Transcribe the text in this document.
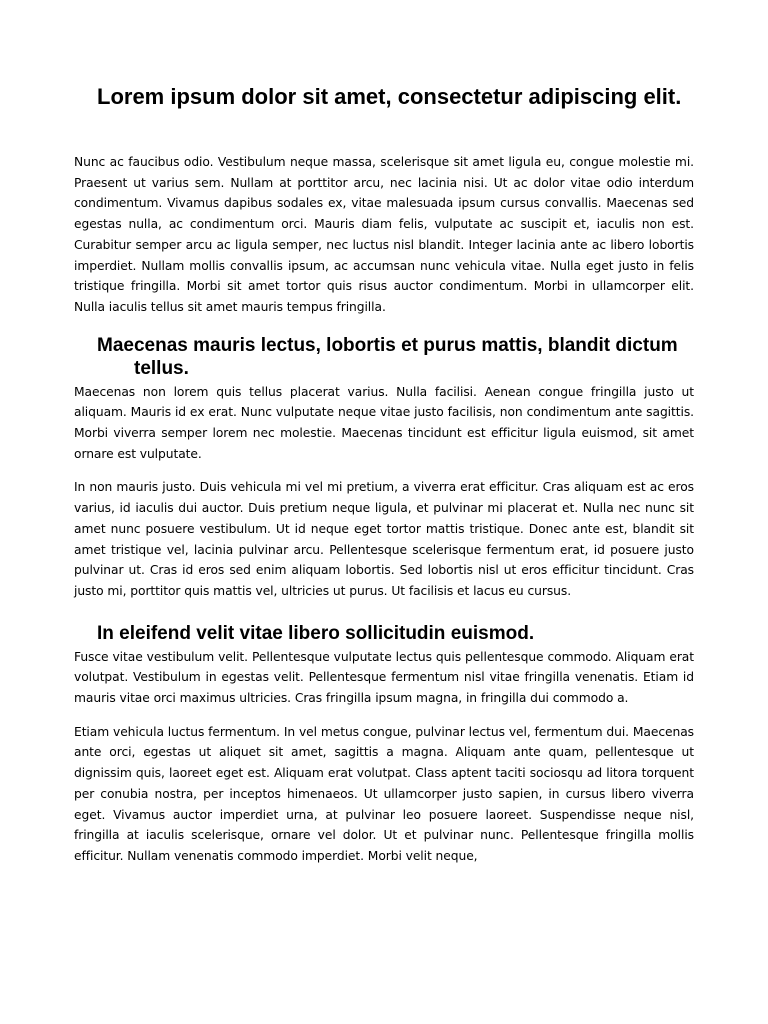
Lorem ipsum dolor sit amet, consectetur adipiscing elit.

Nunc ac faucibus odio. Vestibulum neque massa, scelerisque sit amet ligula eu, congue molestie mi. Praesent ut varius sem. Nullam at porttitor arcu, nec lacinia nisi. Ut ac dolor vitae odio interdum condimentum. Vivamus dapibus sodales ex, vitae malesuada ipsum cursus convallis. Maecenas sed egestas nulla, ac condimentum orci. Mauris diam felis, vulputate ac suscipit et, iaculis non est. Curabitur semper arcu ac ligula semper, nec luctus nisl blandit. Integer lacinia ante ac libero lobortis imperdiet. Nullam mollis convallis ipsum, ac accumsan nunc vehicula vitae. Nulla eget justo in felis tristique fringilla. Morbi sit amet tortor quis risus auctor condimentum. Morbi in ullamcorper elit. Nulla iaculis tellus sit amet mauris tempus fringilla.

Maecenas mauris lectus, lobortis et purus mattis, blandit dictum tellus.

Maecenas non lorem quis tellus placerat varius. Nulla facilisi. Aenean congue fringilla justo ut aliquam. Mauris id ex erat. Nunc vulputate neque vitae justo facilisis, non condimentum ante sagittis. Morbi viverra semper lorem nec molestie. Maecenas tincidunt est efficitur ligula euismod, sit amet ornare est vulputate.

In non mauris justo. Duis vehicula mi vel mi pretium, a viverra erat efficitur. Cras aliquam est ac eros varius, id iaculis dui auctor. Duis pretium neque ligula, et pulvinar mi placerat et. Nulla nec nunc sit amet nunc posuere vestibulum. Ut id neque eget tortor mattis tristique. Donec ante est, blandit sit amet tristique vel, lacinia pulvinar arcu. Pellentesque scelerisque fermentum erat, id posuere justo pulvinar ut. Cras id eros sed enim aliquam lobortis. Sed lobortis nisl ut eros efficitur tincidunt. Cras justo mi, porttitor quis mattis vel, ultricies ut purus. Ut facilisis et lacus eu cursus.

In eleifend velit vitae libero sollicitudin euismod.

Fusce vitae vestibulum velit. Pellentesque vulputate lectus quis pellentesque commodo. Aliquam erat volutpat. Vestibulum in egestas velit. Pellentesque fermentum nisl vitae fringilla venenatis. Etiam id mauris vitae orci maximus ultricies. Cras fringilla ipsum magna, in fringilla dui commodo a.

Etiam vehicula luctus fermentum. In vel metus congue, pulvinar lectus vel, fermentum dui. Maecenas ante orci, egestas ut aliquet sit amet, sagittis a magna. Aliquam ante quam, pellentesque ut dignissim quis, laoreet eget est. Aliquam erat volutpat. Class aptent taciti sociosqu ad litora torquent per conubia nostra, per inceptos himenaeos. Ut ullamcorper justo sapien, in cursus libero viverra eget. Vivamus auctor imperdiet urna, at pulvinar leo posuere laoreet. Suspendisse neque nisl, fringilla at iaculis scelerisque, ornare vel dolor. Ut et pulvinar nunc. Pellentesque fringilla mollis efficitur. Nullam venenatis commodo imperdiet. Morbi velit neque,
